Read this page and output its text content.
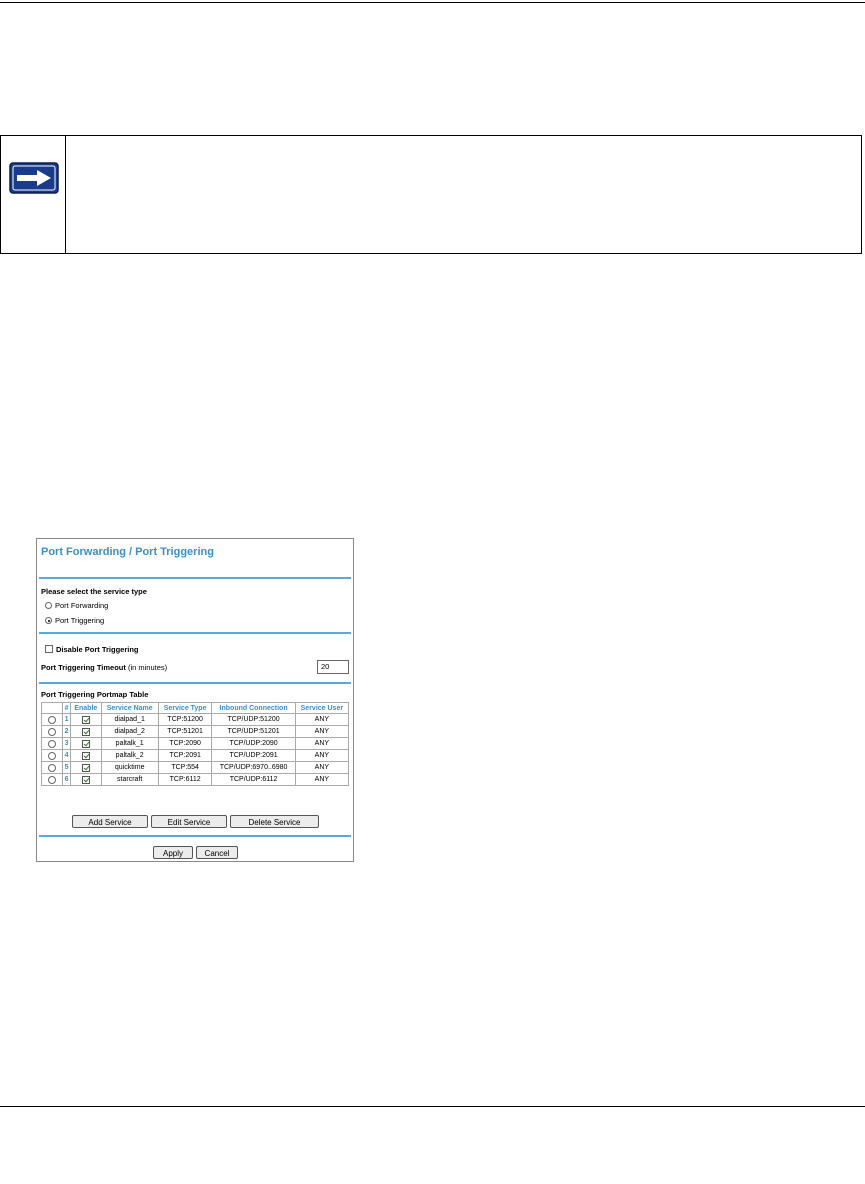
Port Forwarding / Port Triggering
Please select the service type
Port Forwarding
Port Triggering
Disable Port Triggering
Port Triggering Timeout (in minutes)	20
Port Triggering Portmap Table
	#	Enable	Service Name	Service Type	Inbound Connection	Service User
	1		dialpad_1	TCP:51200	TCP/UDP:51200	ANY
	2		dialpad_2	TCP:51201	TCP/UDP:51201	ANY
	3		paltalk_1	TCP:2090	TCP/UDP:2090	ANY
	4		paltalk_2	TCP:2091	TCP/UDP:2091	ANY
	5		quicktime	TCP:554	TCP/UDP:6970..6980	ANY
	6		starcraft	TCP:6112	TCP/UDP:6112	ANY
Add Service	Edit Service	Delete Service
Apply	Cancel
